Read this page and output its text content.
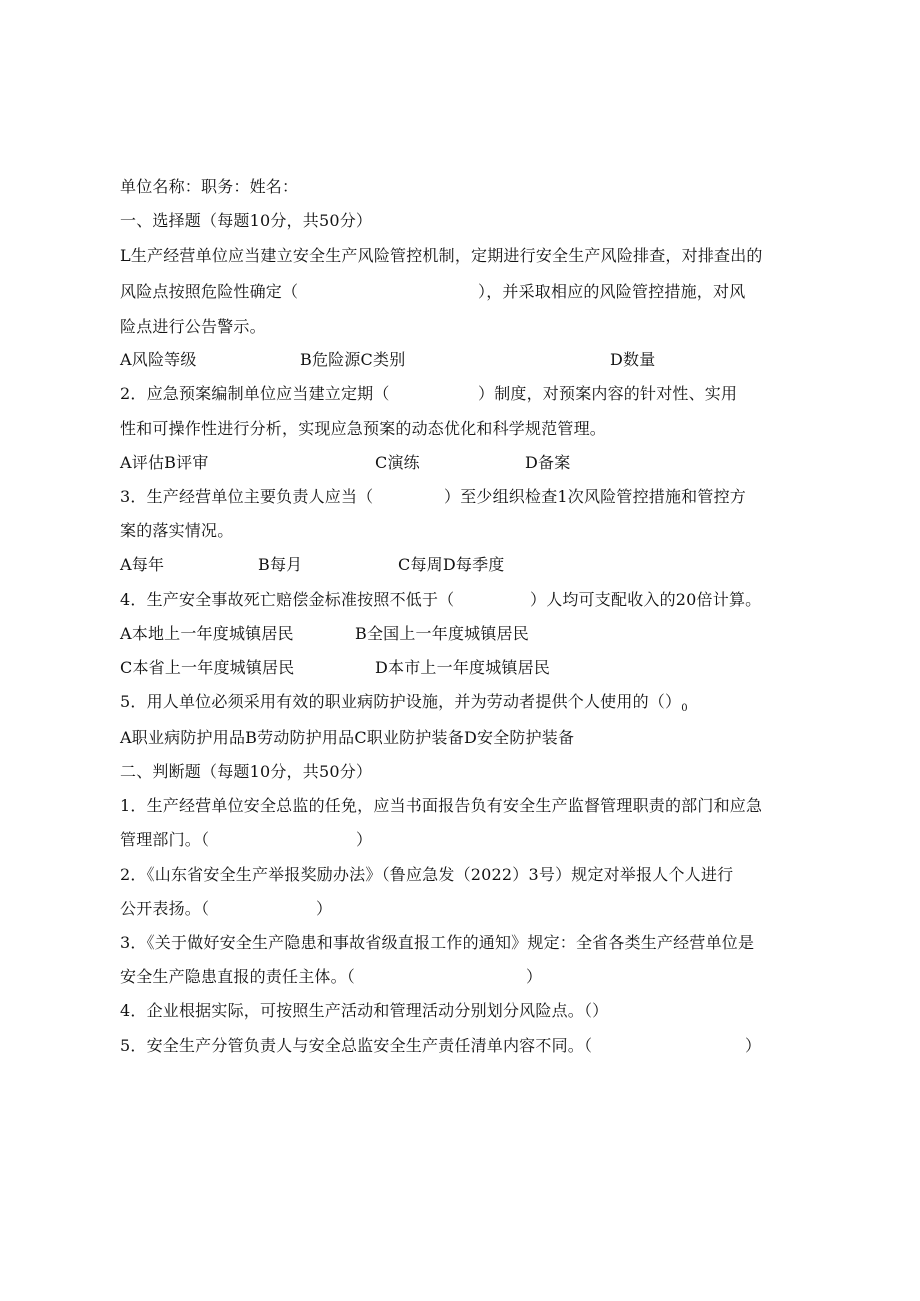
单位名称：职务：姓名：
一、选择题（每题10分，共50分）
L生产经营单位应当建立安全生产风险管控机制，定期进行安全生产风险排查，对排查出的
风险点按照危险性确定（	），并采取相应的风险管控措施，对风
险点进行公告警示。
A风险等级	B危险源C类别	D数量
2．应急预案编制单位应当建立定期（	）制度，对预案内容的针对性、实用
性和可操作性进行分析，实现应急预案的动态优化和科学规范管理。
A评估B评审	C演练	D备案
3．生产经营单位主要负责人应当（	）至少组织检查1次风险管控措施和管控方
案的落实情况。
A每年	B每月	C每周D每季度
4．生产安全事故死亡赔偿金标准按照不低于（	）人均可支配收入的20倍计算。
A本地上一年度城镇居民	B全国上一年度城镇居民
C本省上一年度城镇居民	D本市上一年度城镇居民
5．用人单位必须采用有效的职业病防护设施，并为劳动者提供个人使用的$()_0$
A职业病防护用品B劳动防护用品C职业防护装备D安全防护装备
二、判断题（每题10分，共50分）
1．生产经营单位安全总监的任免，应当书面报告负有安全生产监督管理职责的部门和应急
管理部门。（	）
2．《山东省安全生产举报奖励办法》（鲁应急发（2022）3号）规定对举报人个人进行
公开表扬。（	）
3．《关于做好安全生产隐患和事故省级直报工作的通知》规定：全省各类生产经营单位是
安全生产隐患直报的责任主体。（	）
4．企业根据实际，可按照生产活动和管理活动分别划分风险点。（）
5．安全生产分管负责人与安全总监安全生产责任清单内容不同。（	）
